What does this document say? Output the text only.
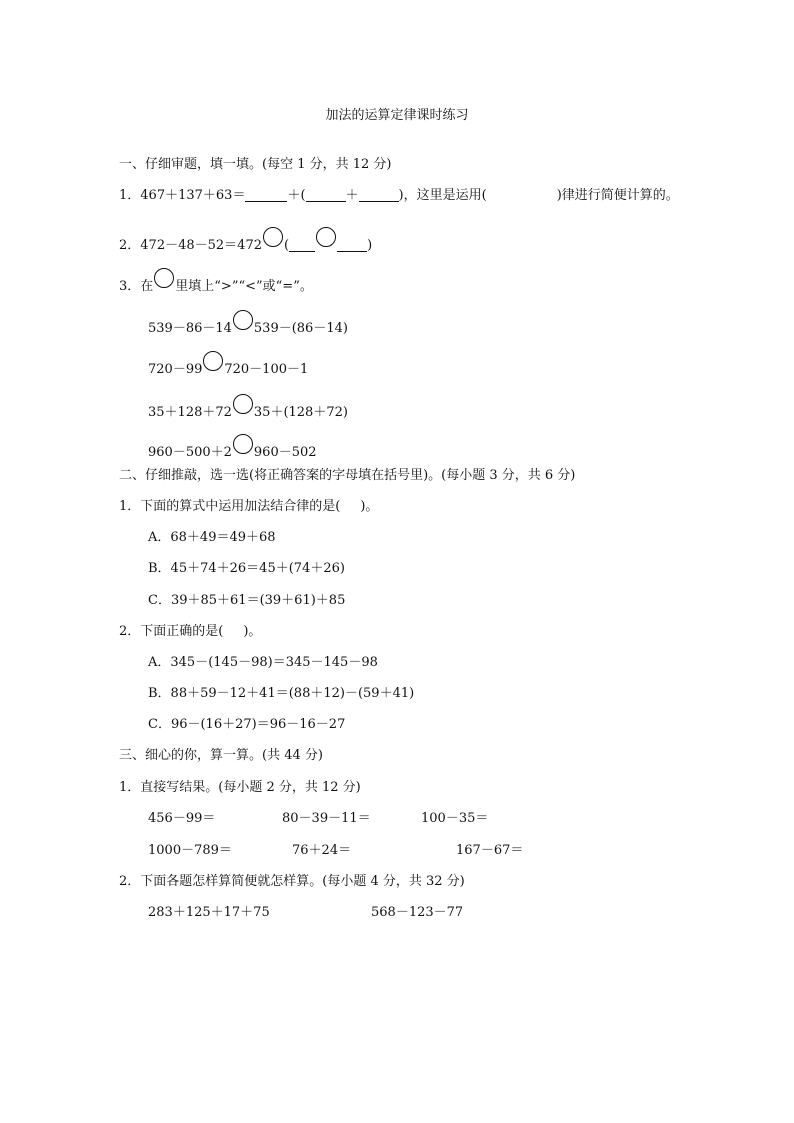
加法的运算定律课时练习
一、仔细审题，填一填。(每空 1 分，共 12 分)
1．467＋137＋63＝	＋(	＋	)，这里是运用(	)律进行简便计算的。
2．472－48－52＝472 (	)
3．在 里填上“>”“<”或“=”。
539－86－14 539－(86－14)
720－99 720－100－1
35＋128＋72 35＋(128＋72)
960－500＋2 960－502
二、仔细推敲，选一选(将正确答案的字母填在括号里)。(每小题 3 分，共 6 分)
1．下面的算式中运用加法结合律的是( )。
A．68＋49＝49＋68
B．45＋74＋26＝45＋(74＋26)
C．39＋85＋61＝(39＋61)＋85
2．下面正确的是( )。
A．345－(145－98)＝345－145－98
B．88＋59－12＋41＝(88＋12)－(59＋41)
C．96－(16＋27)＝96－16－27
三、细心的你，算一算。(共 44 分)
1．直接写结果。(每小题 2 分，共 12 分)
456－99＝	80－39－11＝	100－35＝
1000－789＝	76＋24＝	167－67＝
2．下面各题怎样算简便就怎样算。(每小题 4 分，共 32 分)
283＋125＋17＋75	568－123－77
